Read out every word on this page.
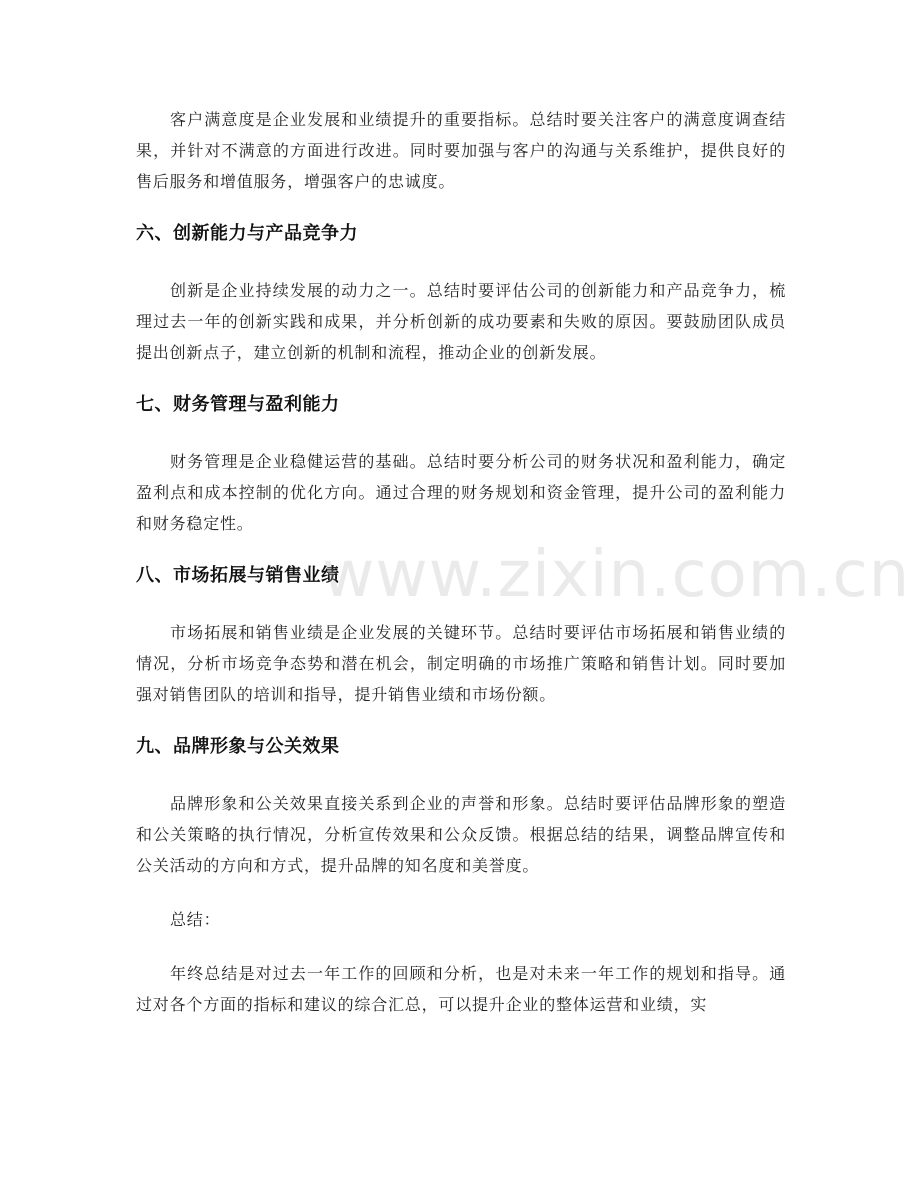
客户满意度是企业发展和业绩提升的重要指标。总结时要关注客户的满意度调查结果，并针对不满意的方面进行改进。同时要加强与客户的沟通与关系维护，提供良好的售后服务和增值服务，增强客户的忠诚度。

六、创新能力与产品竞争力

创新是企业持续发展的动力之一。总结时要评估公司的创新能力和产品竞争力，梳理过去一年的创新实践和成果，并分析创新的成功要素和失败的原因。要鼓励团队成员提出创新点子，建立创新的机制和流程，推动企业的创新发展。

七、财务管理与盈利能力

财务管理是企业稳健运营的基础。总结时要分析公司的财务状况和盈利能力，确定盈利点和成本控制的优化方向。通过合理的财务规划和资金管理，提升公司的盈利能力和财务稳定性。

八、市场拓展与销售业绩

市场拓展和销售业绩是企业发展的关键环节。总结时要评估市场拓展和销售业绩的情况，分析市场竞争态势和潜在机会，制定明确的市场推广策略和销售计划。同时要加强对销售团队的培训和指导，提升销售业绩和市场份额。

九、品牌形象与公关效果

品牌形象和公关效果直接关系到企业的声誉和形象。总结时要评估品牌形象的塑造和公关策略的执行情况，分析宣传效果和公众反馈。根据总结的结果，调整品牌宣传和公关活动的方向和方式，提升品牌的知名度和美誉度。

总结：

年终总结是对过去一年工作的回顾和分析，也是对未来一年工作的规划和指导。通过对各个方面的指标和建议的综合汇总，可以提升企业的整体运营和业绩，实

www.zixin.com.cn
